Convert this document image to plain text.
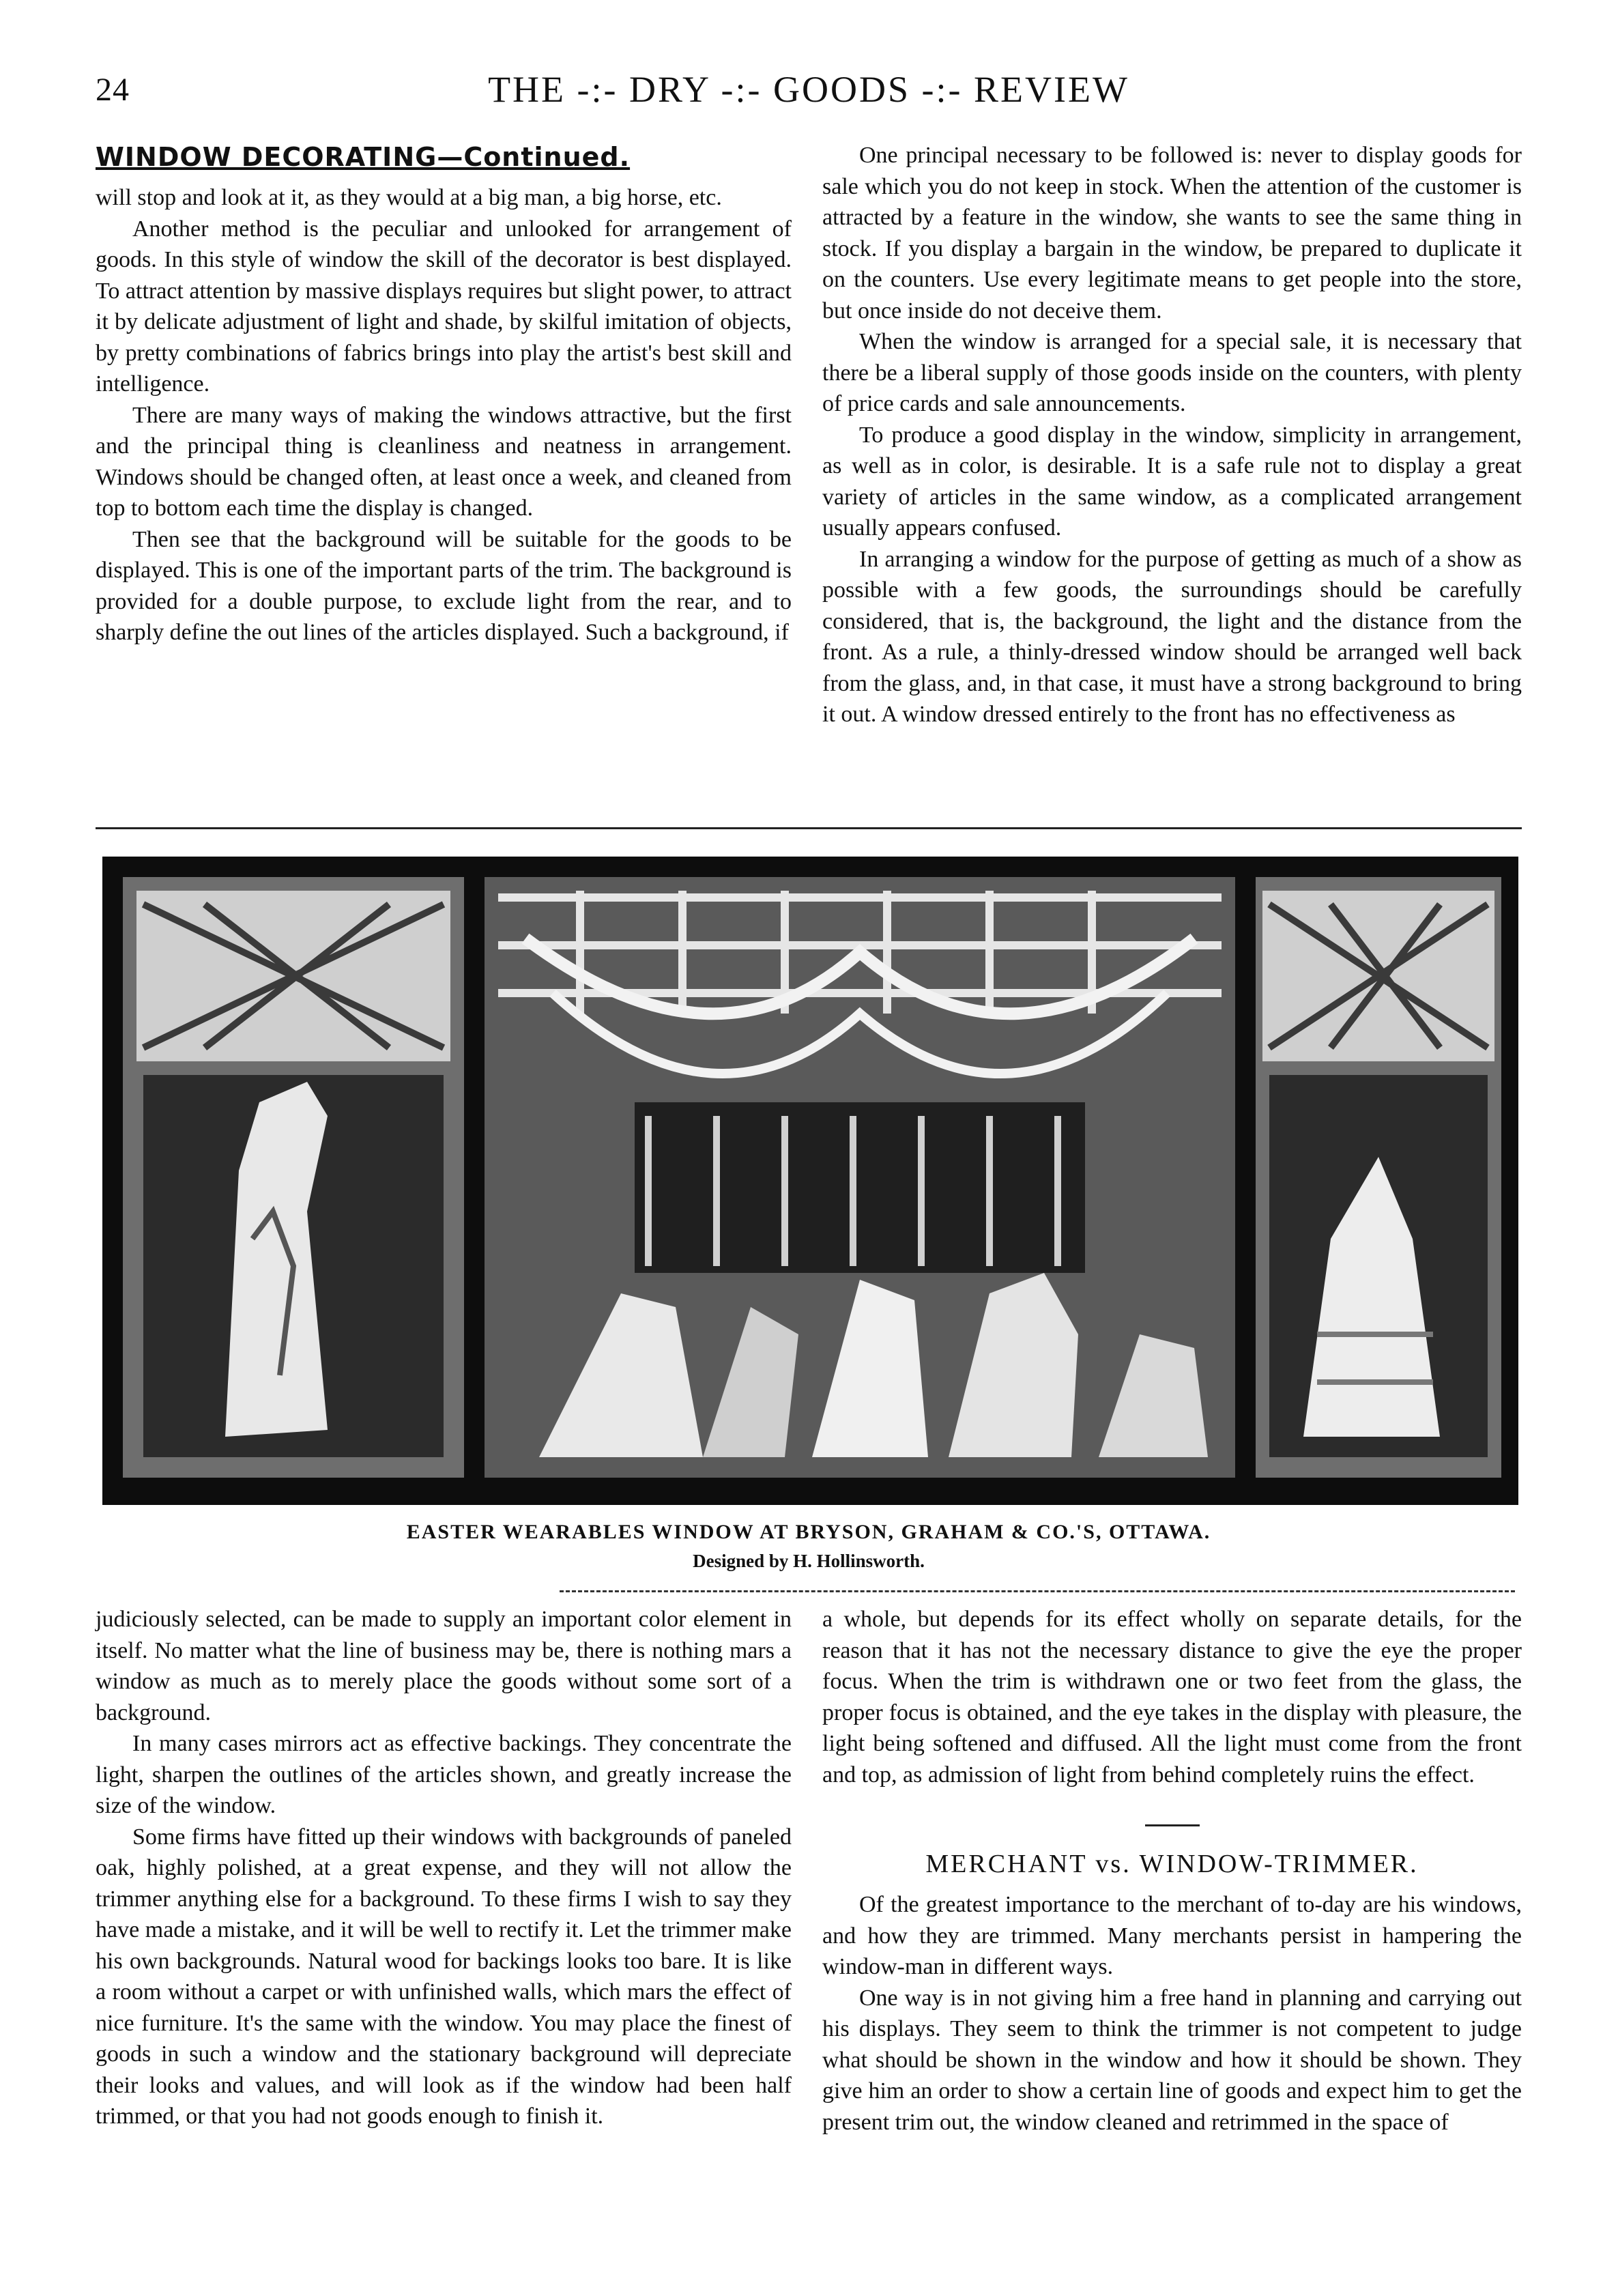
24	THE -:- DRY -:- GOODS -:- REVIEW
WINDOW DECORATING—Continued.

will stop and look at it, as they would at a big man, a big horse, etc.

Another method is the peculiar and unlooked for arrangement of goods. In this style of window the skill of the decorator is best displayed. To attract attention by massive displays requires but slight power, to attract it by delicate adjustment of light and shade, by skilful imitation of objects, by pretty combinations of fabrics brings into play the artist's best skill and intelligence.

There are many ways of making the windows attractive, but the first and the principal thing is cleanliness and neatness in arrangement. Windows should be changed often, at least once a week, and cleaned from top to bottom each time the display is changed.

Then see that the background will be suitable for the goods to be displayed. This is one of the important parts of the trim. The background is provided for a double purpose, to exclude light from the rear, and to sharply define the out lines of the articles displayed. Such a background, if

One principal necessary to be followed is: never to display goods for sale which you do not keep in stock. When the attention of the customer is attracted by a feature in the window, she wants to see the same thing in stock. If you display a bargain in the window, be prepared to duplicate it on the counters. Use every legitimate means to get people into the store, but once inside do not deceive them.

When the window is arranged for a special sale, it is necessary that there be a liberal supply of those goods inside on the counters, with plenty of price cards and sale announcements.

To produce a good display in the window, simplicity in arrangement, as well as in color, is desirable. It is a safe rule not to display a great variety of articles in the same window, as a complicated arrangement usually appears confused.

In arranging a window for the purpose of getting as much of a show as possible with a few goods, the surroundings should be carefully considered, that is, the background, the light and the distance from the front. As a rule, a thinly-dressed window should be arranged well back from the glass, and, in that case, it must have a strong background to bring it out. A window dressed entirely to the front has no effectiveness as

EASTER WEARABLES WINDOW AT BRYSON, GRAHAM & CO.'S, OTTAWA.
Designed by H. Hollinsworth.

judiciously selected, can be made to supply an important color element in itself. No matter what the line of business may be, there is nothing mars a window as much as to merely place the goods without some sort of a background.

In many cases mirrors act as effective backings. They concentrate the light, sharpen the outlines of the articles shown, and greatly increase the size of the window.

Some firms have fitted up their windows with backgrounds of paneled oak, highly polished, at a great expense, and they will not allow the trimmer anything else for a background. To these firms I wish to say they have made a mistake, and it will be well to rectify it. Let the trimmer make his own backgrounds. Natural wood for backings looks too bare. It is like a room without a carpet or with unfinished walls, which mars the effect of nice furniture. It's the same with the window. You may place the finest of goods in such a window and the stationary background will depreciate their looks and values, and will look as if the window had been half trimmed, or that you had not goods enough to finish it.

a whole, but depends for its effect wholly on separate details, for the reason that it has not the necessary distance to give the eye the proper focus. When the trim is withdrawn one or two feet from the glass, the proper focus is obtained, and the eye takes in the display with pleasure, the light being softened and diffused. All the light must come from the front and top, as admission of light from behind completely ruins the effect.

MERCHANT vs. WINDOW-TRIMMER.

Of the greatest importance to the merchant of to-day are his windows, and how they are trimmed. Many merchants persist in hampering the window-man in different ways.

One way is in not giving him a free hand in planning and carrying out his displays. They seem to think the trimmer is not competent to judge what should be shown in the window and how it should be shown. They give him an order to show a certain line of goods and expect him to get the present trim out, the window cleaned and retrimmed in the space of
